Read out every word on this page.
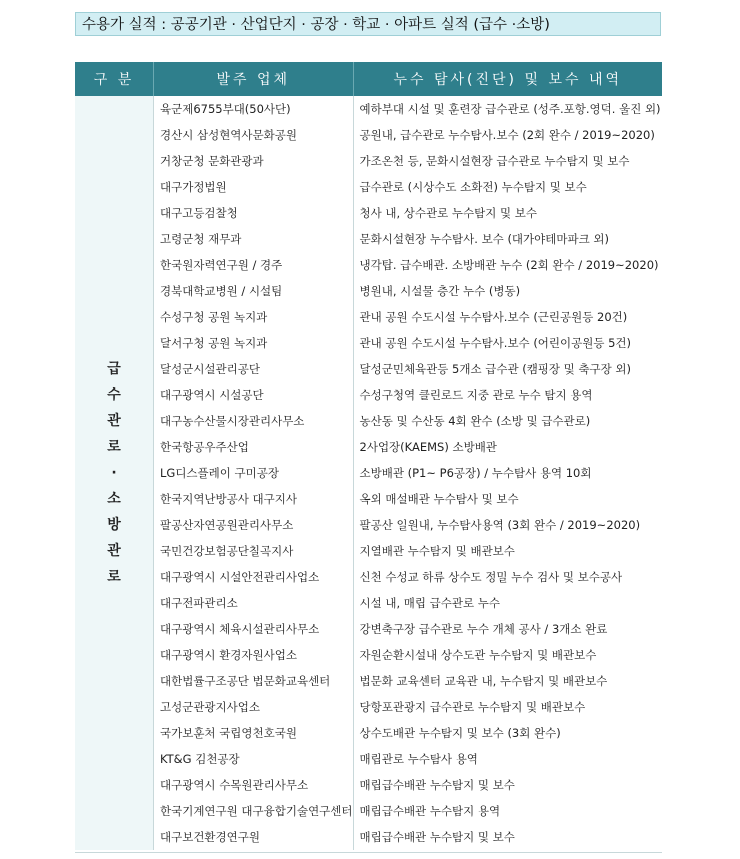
수용가 실적 : 공공기관 · 산업단지 · 공장 · 학교 · 아파트 실적 (급수 ·소방)
구 분	발주 업체	누수 탐사(진단) 및 보수 내역

급수관로·소방관로	육군제6755부대(50사단)	예하부대 시설 및 훈련장 급수관로 (성주.포항.영덕. 울진 외)
	경산시 삼성현역사문화공원	공원내, 급수관로 누수탐사.보수 (2회 완수 / 2019~2020)
	거창군청 문화관광과	가조온천 등, 문화시설현장 급수관로 누수탐지 및 보수
	대구가정법원	급수관로 (시상수도 소화전) 누수탐지 및 보수
	대구고등검찰청	청사 내, 상수관로 누수탐지 및 보수
	고령군청 재무과	문화시설현장 누수탐사. 보수 (대가야테마파크 외)
	한국원자력연구원 / 경주	냉각탑. 급수배관. 소방배관 누수 (2회 완수 / 2019~2020)
	경북대학교병원 / 시설팀	병원내, 시설물 층간 누수 (병동)
	수성구청 공원 녹지과	관내 공원 수도시설 누수탐사.보수 (근린공원등 20건)
	달서구청 공원 녹지과	관내 공원 수도시설 누수탐사.보수 (어린이공원등 5건)
	달성군시설관리공단	달성군민체육관등 5개소 급수관 (캠핑장 및 축구장 외)
	대구광역시 시설공단	수성구청역 클린로드 지중 관로 누수 탐지 용역
	대구농수산물시장관리사무소	농산동 및 수산동 4회 완수 (소방 및 급수관로)
	한국항공우주산업	2사업장(KAEMS) 소방배관
	LG디스플레이 구미공장	소방배관 (P1~ P6공장) / 누수탐사 용역 10회
	한국지역난방공사 대구지사	옥외 매설배관 누수탐사 및 보수
	팔공산자연공원관리사무소	팔공산 일원내, 누수탐사용역 (3회 완수 / 2019~2020)
	국민건강보험공단칠곡지사	지열배관 누수탐지 및 배관보수
	대구광역시 시설안전관리사업소	신천 수성교 하류 상수도 정밀 누수 검사 및 보수공사
	대구전파관리소	시설 내, 매립 급수관로 누수
	대구광역시 체육시설관리사무소	강변축구장 급수관로 누수 개체 공사 / 3개소 완료
	대구광역시 환경자원사업소	자원순환시설내 상수도관 누수탐지 및 배관보수
	대한법률구조공단 법문화교육센터	법문화 교육센터 교육관 내, 누수탐지 및 배관보수
	고성군관광지사업소	당항포관광지 급수관로 누수탐지 및 배관보수
	국가보훈처 국립영천호국원	상수도배관 누수탐지 및 보수 (3회 완수)
	KT&G 김천공장	매립관로 누수탐사 용역
	대구광역시 수목원관리사무소	매립급수배관 누수탐지 및 보수
	한국기계연구원 대구융합기술연구센터	매립급수배관 누수탐지 용역
	대구보건환경연구원	매립급수배관 누수탐지 및 보수
